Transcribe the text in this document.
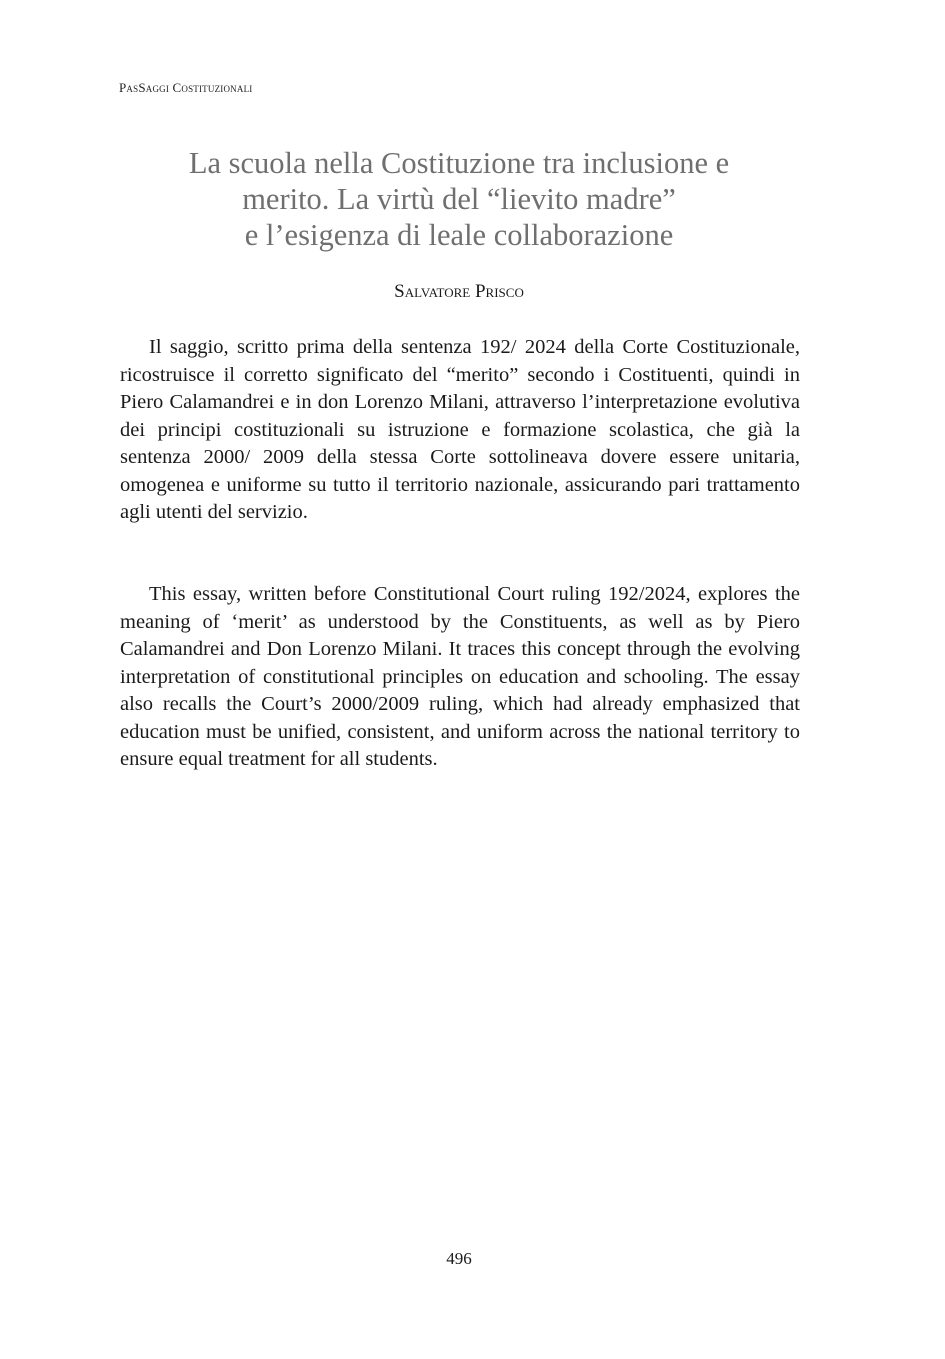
PasSaggi Costituzionali
La scuola nella Costituzione tra inclusione e
merito. La virtù del “lievito madre”
e l’esigenza di leale collaborazione
Salvatore Prisco

Il saggio, scritto prima della sentenza 192/ 2024 della Corte Costituzionale, ricostruisce il corretto significato del “merito” secondo i Costituenti, quindi in Piero Calamandrei e in don Lorenzo Milani, attraverso l’interpretazione evolutiva dei principi costituzionali su istruzione e formazione scolastica, che già la sentenza 2000/ 2009 della stessa Corte sottolineava dovere essere unitaria, omogenea e uniforme su tutto il territorio nazionale, assicurando pari trattamento agli utenti del servizio.

This essay, written before Constitutional Court ruling 192/2024, explores the meaning of ‘merit’ as understood by the Constituents, as well as by Piero Calamandrei and Don Lorenzo Milani. It traces this concept through the evolving interpretation of constitutional principles on education and schooling. The essay also recalls the Court’s 2000/2009 ruling, which had already emphasized that education must be unified, consistent, and uniform across the national territory to ensure equal treatment for all students.

496
